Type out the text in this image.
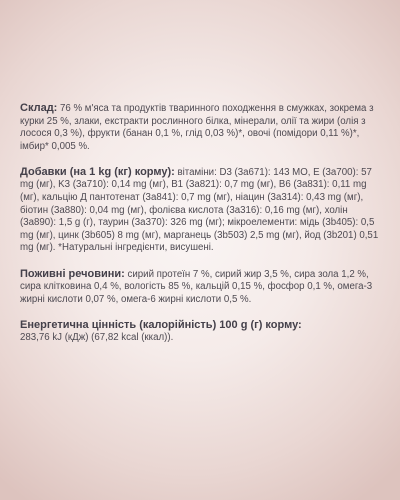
Склад: 76 % м'яса та продуктів тваринного походження в смужках, зокрема з курки 25 %, злаки, екстракти рослинного білка, мінерали, олії та жири (олія з лосося 0,3 %), фрукти (банан 0,1 %, глід 0,03 %)*, овочі (помідори 0,11 %)*, імбир* 0,005 %.

Добавки (на 1 kg (кг) корму): вітаміни: D3 (3a671): 143 МО, E (3a700): 57 mg (мг), K3 (3a710): 0,14 mg (мг), B1 (3a821): 0,7 mg (мг), B6 (3a831): 0,11 mg (мг), кальцію Д пантотенат (3a841): 0,7 mg (мг), ніацин (3a314): 0,43 mg (мг), біотин (3a880): 0,04 mg (мг), фолієва кислота (3a316): 0,16 mg (мг), холін (3a890): 1,5 g (г), таурин (3a370): 326 mg (мг); мікроелементи: мідь (3b405): 0,5 mg (мг), цинк (3b605) 8 mg (мг), марганець (3b503) 2,5 mg (мг), йод (3b201) 0,51 mg (мг). *Натуральні інгредієнти, висушені.

Поживні речовини: сирий протеїн 7 %, сирий жир 3,5 %, сира зола 1,2 %, сира клітковина 0,4 %, вологість 85 %, кальцій 0,15 %, фосфор 0,1 %, омега-3 жирні кислоти 0,07 %, омега-6 жирні кислоти 0,5 %.

Енергетична цінність (калорійність) 100 g (г) корму:
283,76 kJ (кДж) (67,82 kcal (ккал)).
